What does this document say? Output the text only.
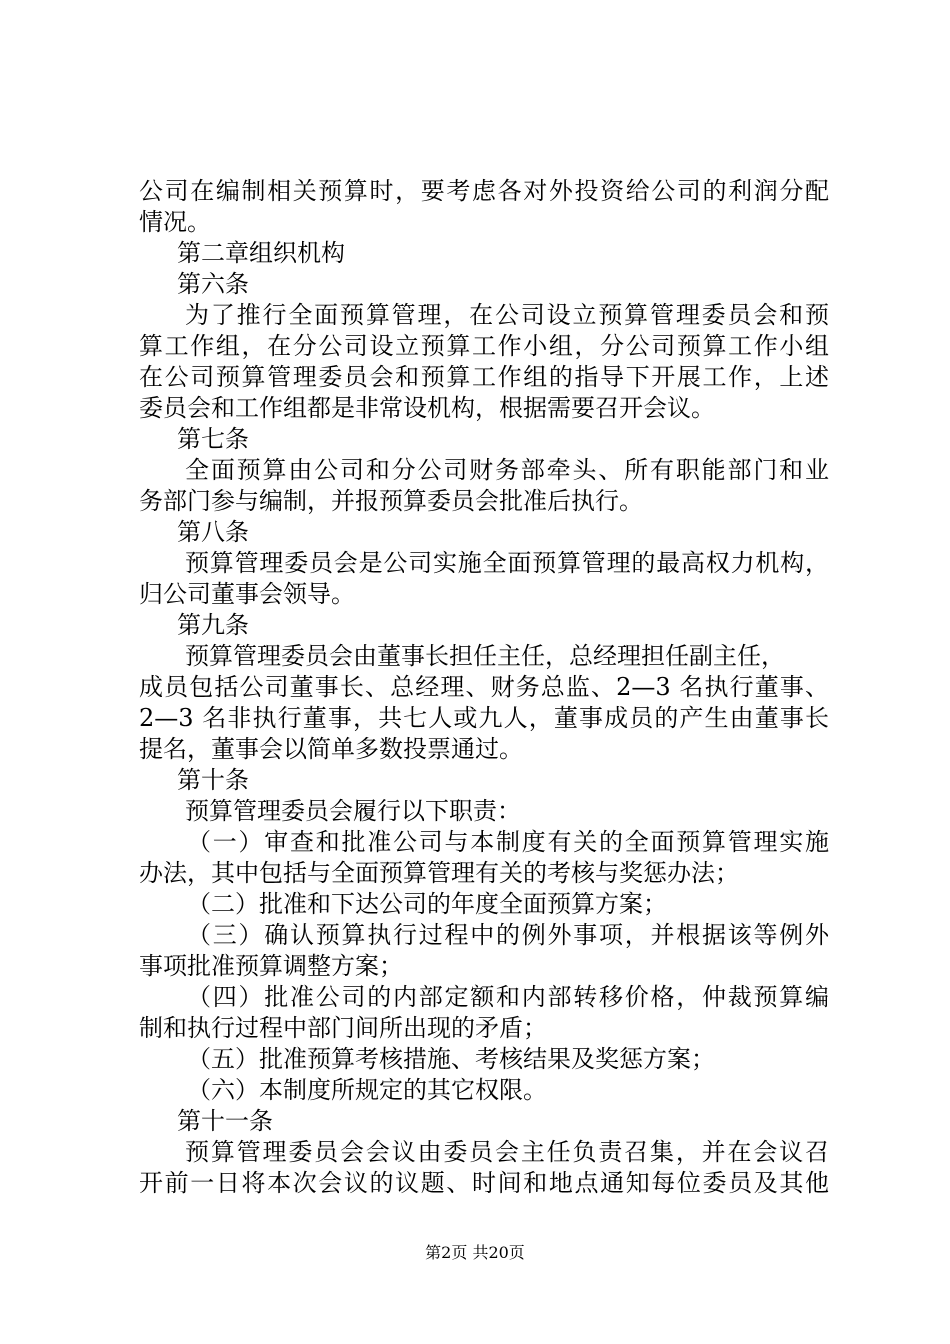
公司在编制相关预算时，要考虑各对外投资给公司的利润分配
情况。
第二章组织机构
第六条
为了推行全面预算管理，在公司设立预算管理委员会和预
算工作组，在分公司设立预算工作小组，分公司预算工作小组
在公司预算管理委员会和预算工作组的指导下开展工作，上述
委员会和工作组都是非常设机构，根据需要召开会议。
第七条
全面预算由公司和分公司财务部牵头、所有职能部门和业
务部门参与编制，并报预算委员会批准后执行。
第八条
预算管理委员会是公司实施全面预算管理的最高权力机构，
归公司董事会领导。
第九条
预算管理委员会由董事长担任主任，总经理担任副主任，
成员包括公司董事长、总经理、财务总监、2—3 名执行董事、
2—3 名非执行董事，共七人或九人，董事成员的产生由董事长
提名，董事会以简单多数投票通过。
第十条
预算管理委员会履行以下职责：
（一）审查和批准公司与本制度有关的全面预算管理实施
办法，其中包括与全面预算管理有关的考核与奖惩办法；
（二）批准和下达公司的年度全面预算方案；
（三）确认预算执行过程中的例外事项，并根据该等例外
事项批准预算调整方案；
（四）批准公司的内部定额和内部转移价格，仲裁预算编
制和执行过程中部门间所出现的矛盾；
（五）批准预算考核措施、考核结果及奖惩方案；
（六）本制度所规定的其它权限。
第十一条
预算管理委员会会议由委员会主任负责召集，并在会议召
开前一日将本次会议的议题、时间和地点通知每位委员及其他
第2页 共20页
